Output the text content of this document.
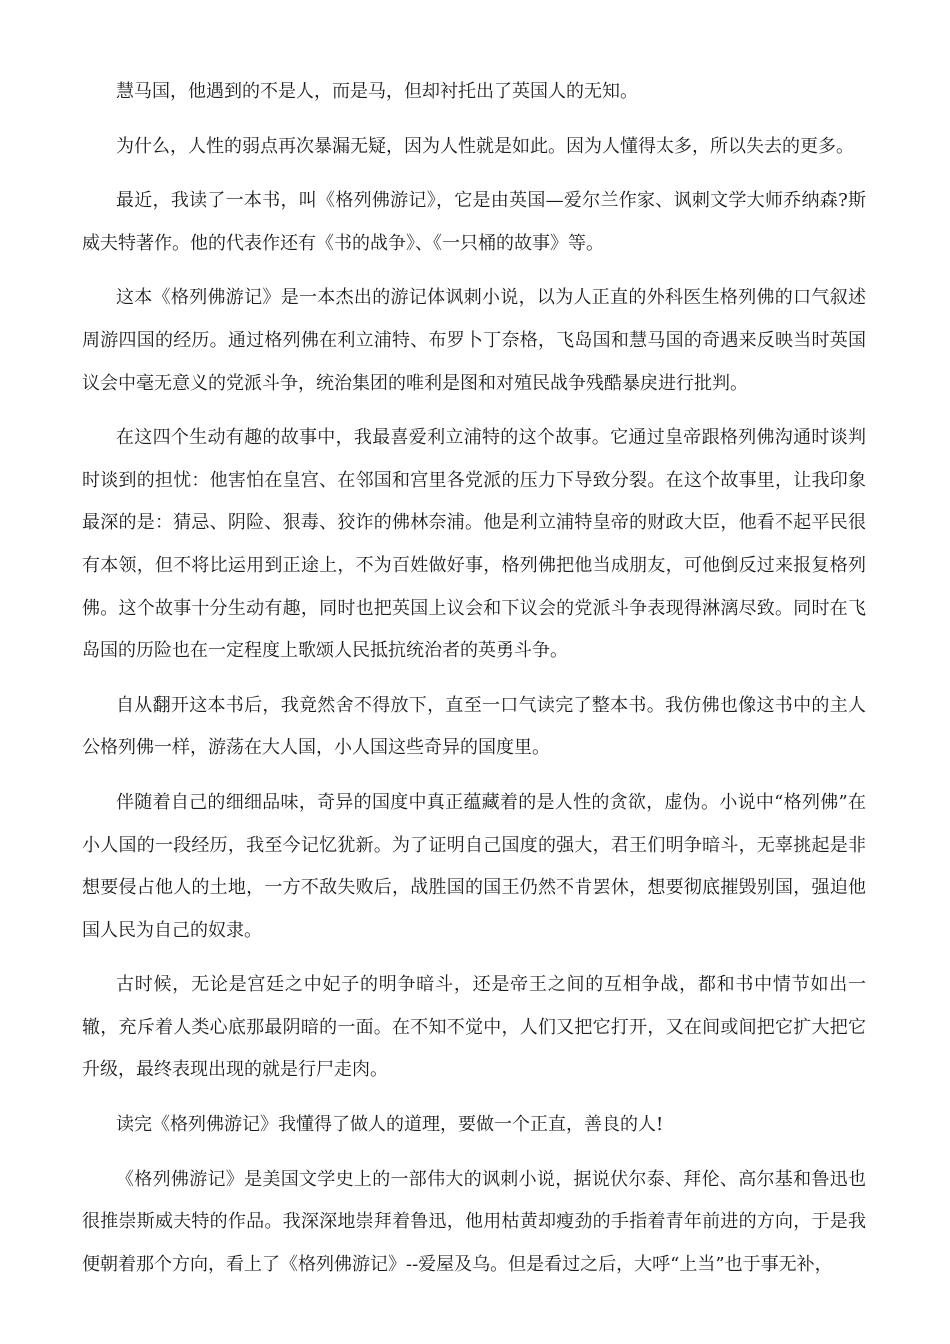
慧马国，他遇到的不是人，而是马，但却衬托出了英国人的无知。

为什么，人性的弱点再次暴漏无疑，因为人性就是如此。因为人懂得太多，所以失去的更多。

最近，我读了一本书，叫《格列佛游记》，它是由英国—爱尔兰作家、讽刺文学大师乔纳森?斯威夫特著作。他的代表作还有《书的战争》、《一只桶的故事》等。

这本《格列佛游记》是一本杰出的游记体讽刺小说，以为人正直的外科医生格列佛的口气叙述周游四国的经历。通过格列佛在利立浦特、布罗卜丁奈格，飞岛国和慧马国的奇遇来反映当时英国议会中毫无意义的党派斗争，统治集团的唯利是图和对殖民战争残酷暴戾进行批判。

在这四个生动有趣的故事中，我最喜爱利立浦特的这个故事。它通过皇帝跟格列佛沟通时谈判时谈到的担忧：他害怕在皇宫、在邻国和宫里各党派的压力下导致分裂。在这个故事里，让我印象最深的是：猜忌、阴险、狠毒、狡诈的佛林奈浦。他是利立浦特皇帝的财政大臣，他看不起平民很有本领，但不将比运用到正途上，不为百姓做好事，格列佛把他当成朋友，可他倒反过来报复格列佛。这个故事十分生动有趣，同时也把英国上议会和下议会的党派斗争表现得淋漓尽致。同时在飞岛国的历险也在一定程度上歌颂人民抵抗统治者的英勇斗争。

自从翻开这本书后，我竟然舍不得放下，直至一口气读完了整本书。我仿佛也像这书中的主人公格列佛一样，游荡在大人国，小人国这些奇异的国度里。

伴随着自己的细细品味，奇异的国度中真正蕴藏着的是人性的贪欲，虚伪。小说中“格列佛”在小人国的一段经历，我至今记忆犹新。为了证明自己国度的强大，君王们明争暗斗，无辜挑起是非想要侵占他人的土地，一方不敌失败后，战胜国的国王仍然不肯罢休，想要彻底摧毁别国，强迫他国人民为自己的奴隶。

古时候，无论是宫廷之中妃子的明争暗斗，还是帝王之间的互相争战，都和书中情节如出一辙，充斥着人类心底那最阴暗的一面。在不知不觉中，人们又把它打开，又在间或间把它扩大把它升级，最终表现出现的就是行尸走肉。

读完《格列佛游记》我懂得了做人的道理，要做一个正直，善良的人!

《格列佛游记》是美国文学史上的一部伟大的讽刺小说，据说伏尔泰、拜伦、高尔基和鲁迅也很推崇斯威夫特的作品。我深深地崇拜着鲁迅，他用枯黄却瘦劲的手指着青年前进的方向，于是我便朝着那个方向，看上了《格列佛游记》--爱屋及乌。但是看过之后，大呼“上当”也于事无补，
